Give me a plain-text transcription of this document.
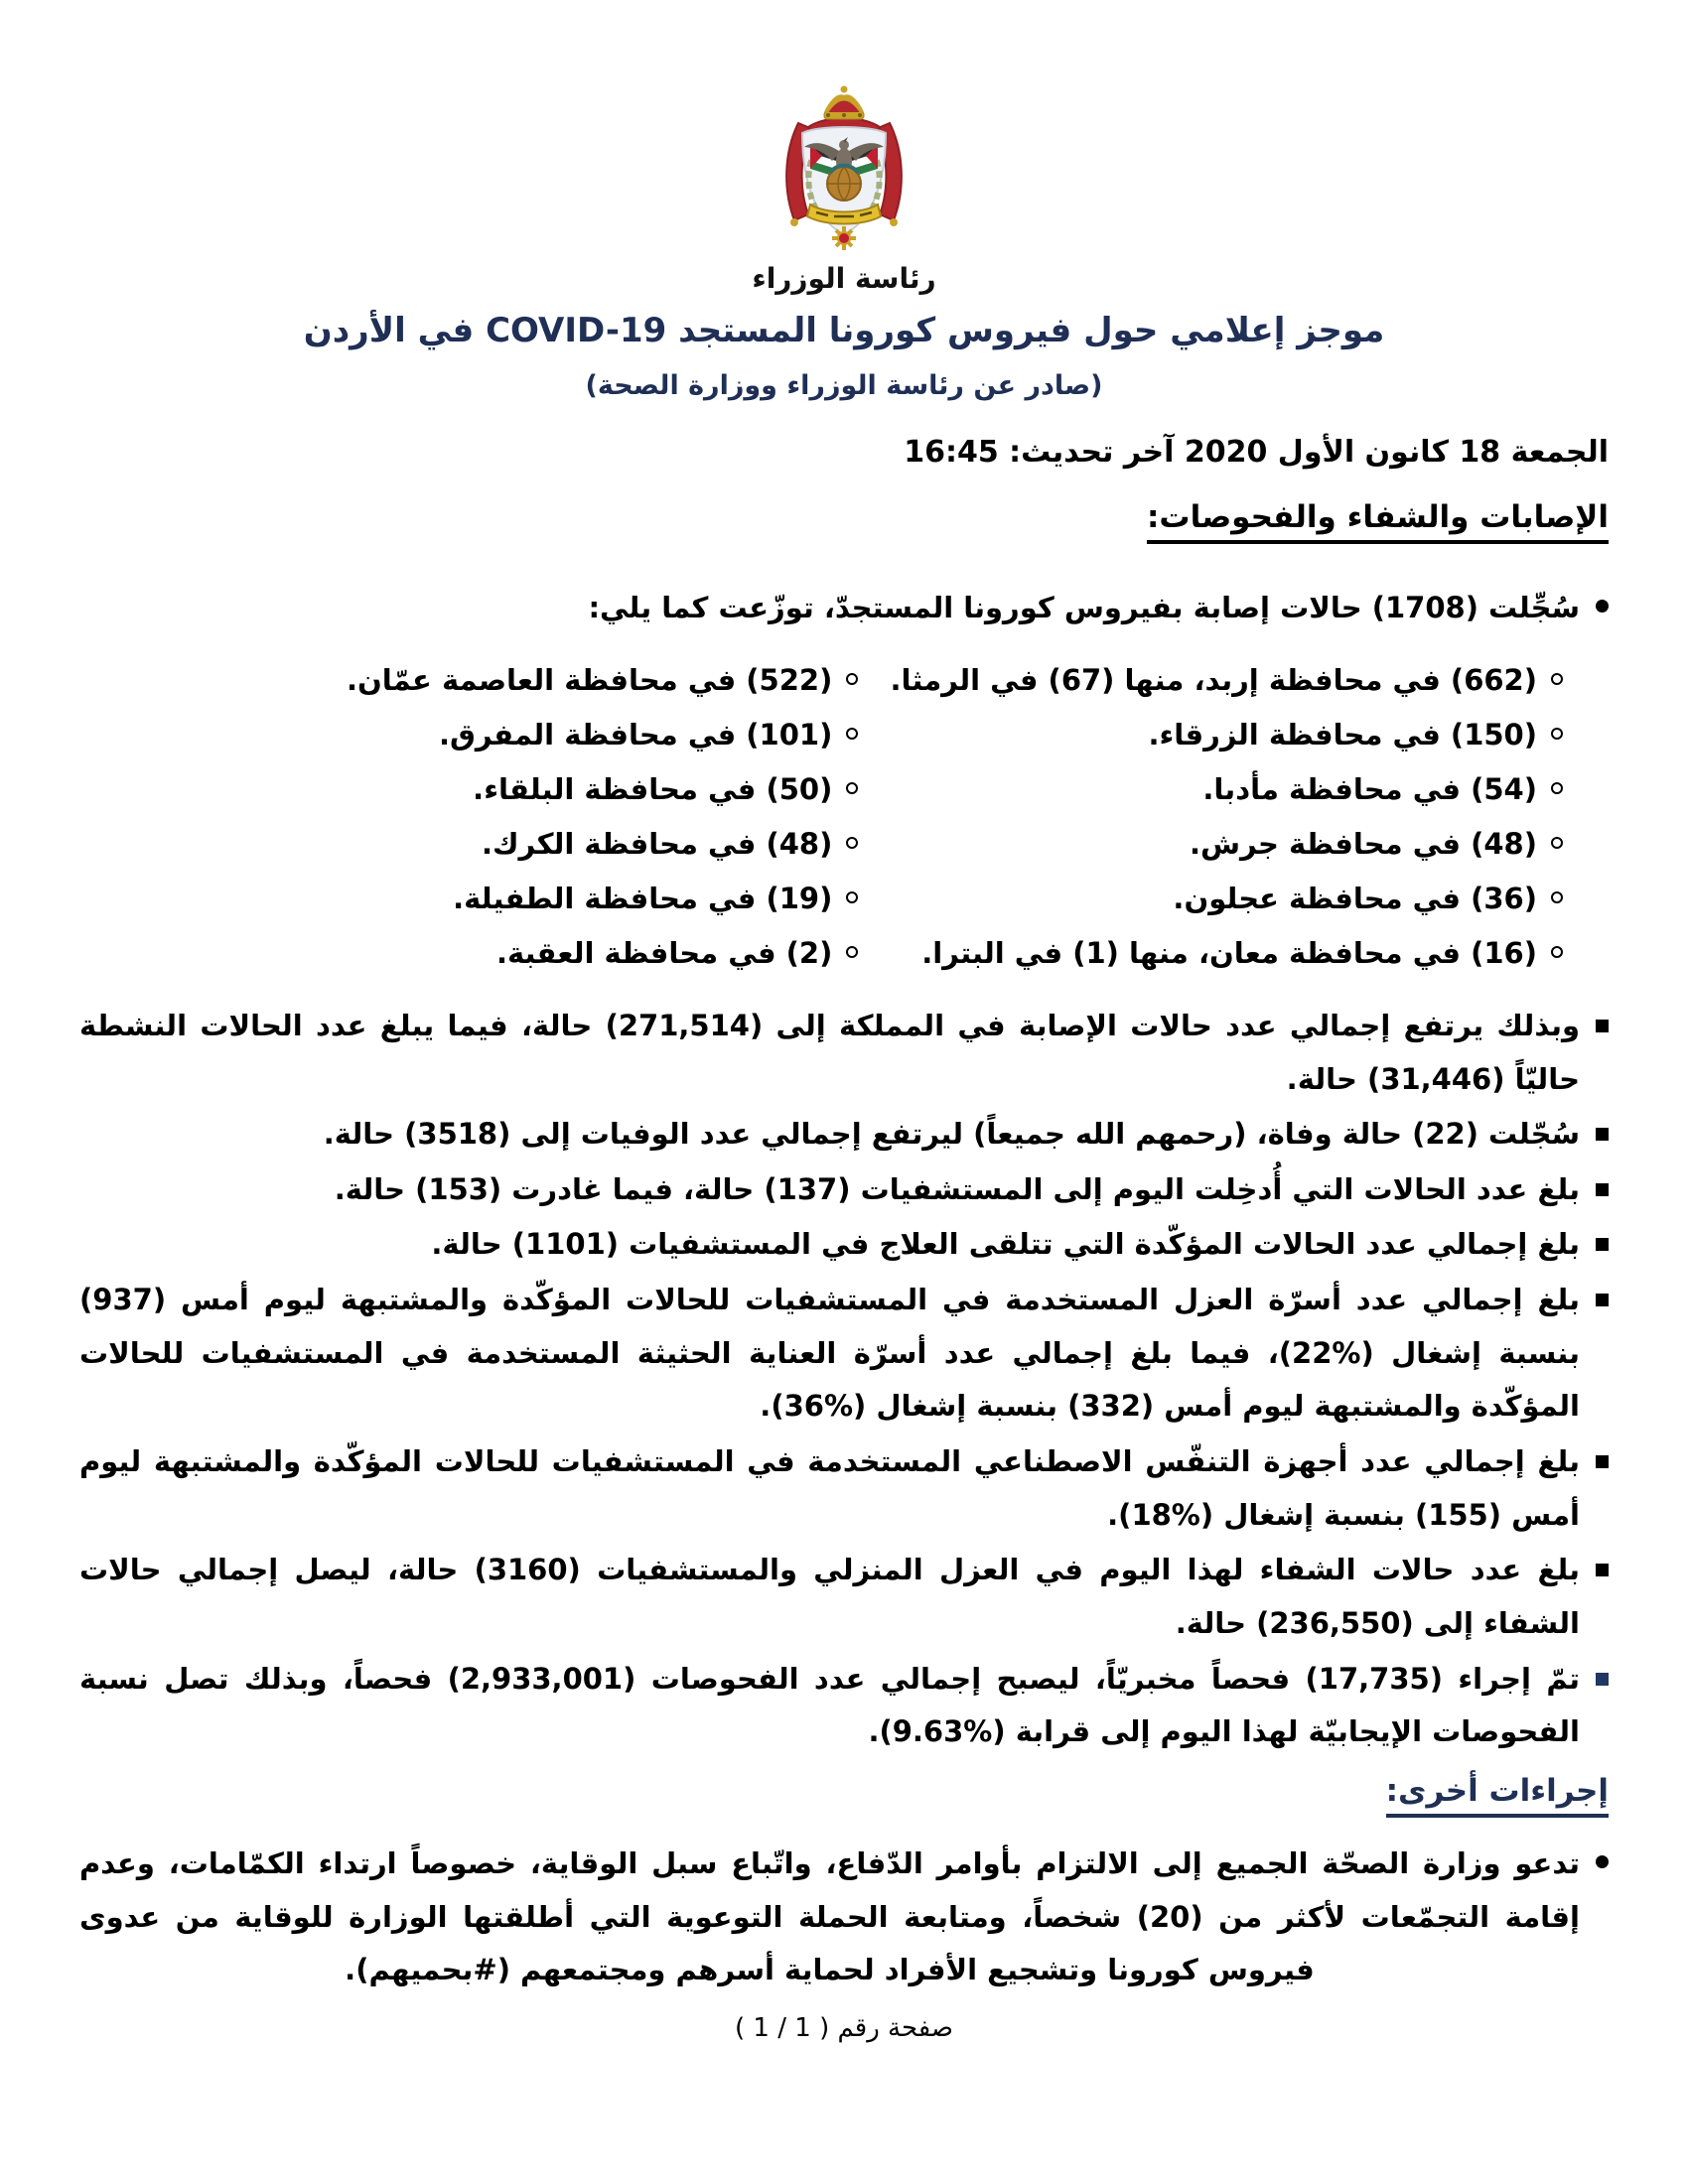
رئاسة الوزراء
موجز إعلامي حول فيروس كورونا المستجد COVID-19 في الأردن
(صادر عن رئاسة الوزراء ووزارة الصحة)
الجمعة 18 كانون الأول 2020 آخر تحديث: 16:45
الإصابات والشفاء والفحوصات:
سُجِّلت (1708) حالات إصابة بفيروس كورونا المستجدّ، توزّعت كما يلي:
(662) في محافظة إربد، منها (67) في الرمثا.
(522) في محافظة العاصمة عمّان.
(150) في محافظة الزرقاء.
(101) في محافظة المفرق.
(54) في محافظة مأدبا.
(50) في محافظة البلقاء.
(48) في محافظة جرش.
(48) في محافظة الكرك.
(36) في محافظة عجلون.
(19) في محافظة الطفيلة.
(16) في محافظة معان، منها (1) في البترا.
(2) في محافظة العقبة.
وبذلك يرتفع إجمالي عدد حالات الإصابة في المملكة إلى (271,514) حالة، فيما يبلغ عدد الحالات النشطة حاليّاً (31,446) حالة.
سُجّلت (22) حالة وفاة، (رحمهم الله جميعاً) ليرتفع إجمالي عدد الوفيات إلى (3518) حالة.
بلغ عدد الحالات التي أُدخِلت اليوم إلى المستشفيات (137) حالة، فيما غادرت (153) حالة.
بلغ إجمالي عدد الحالات المؤكّدة التي تتلقى العلاج في المستشفيات (1101) حالة.
بلغ إجمالي عدد أسرّة العزل المستخدمة في المستشفيات للحالات المؤكّدة والمشتبهة ليوم أمس (937) بنسبة إشغال (%22)، فيما بلغ إجمالي عدد أسرّة العناية الحثيثة المستخدمة في المستشفيات للحالات المؤكّدة والمشتبهة ليوم أمس (332) بنسبة إشغال (%36).
بلغ إجمالي عدد أجهزة التنفّس الاصطناعي المستخدمة في المستشفيات للحالات المؤكّدة والمشتبهة ليوم أمس (155) بنسبة إشغال (%18).
بلغ عدد حالات الشفاء لهذا اليوم في العزل المنزلي والمستشفيات (3160) حالة، ليصل إجمالي حالات الشفاء إلى (236,550) حالة.
تمّ إجراء (17,735) فحصاً مخبريّاً، ليصبح إجمالي عدد الفحوصات (2,933,001) فحصاً، وبذلك تصل نسبة الفحوصات الإيجابيّة لهذا اليوم إلى قرابة (%9.63).
إجراءات أخرى:
تدعو وزارة الصحّة الجميع إلى الالتزام بأوامر الدّفاع، واتّباع سبل الوقاية، خصوصاً ارتداء الكمّامات، وعدم إقامة التجمّعات لأكثر من (20) شخصاً، ومتابعة الحملة التوعوية التي أطلقتها الوزارة للوقاية من عدوى فيروس كورونا وتشجيع الأفراد لحماية أسرهم ومجتمعهم (#بحميهم).
صفحة رقم ( 1 / 1 )
